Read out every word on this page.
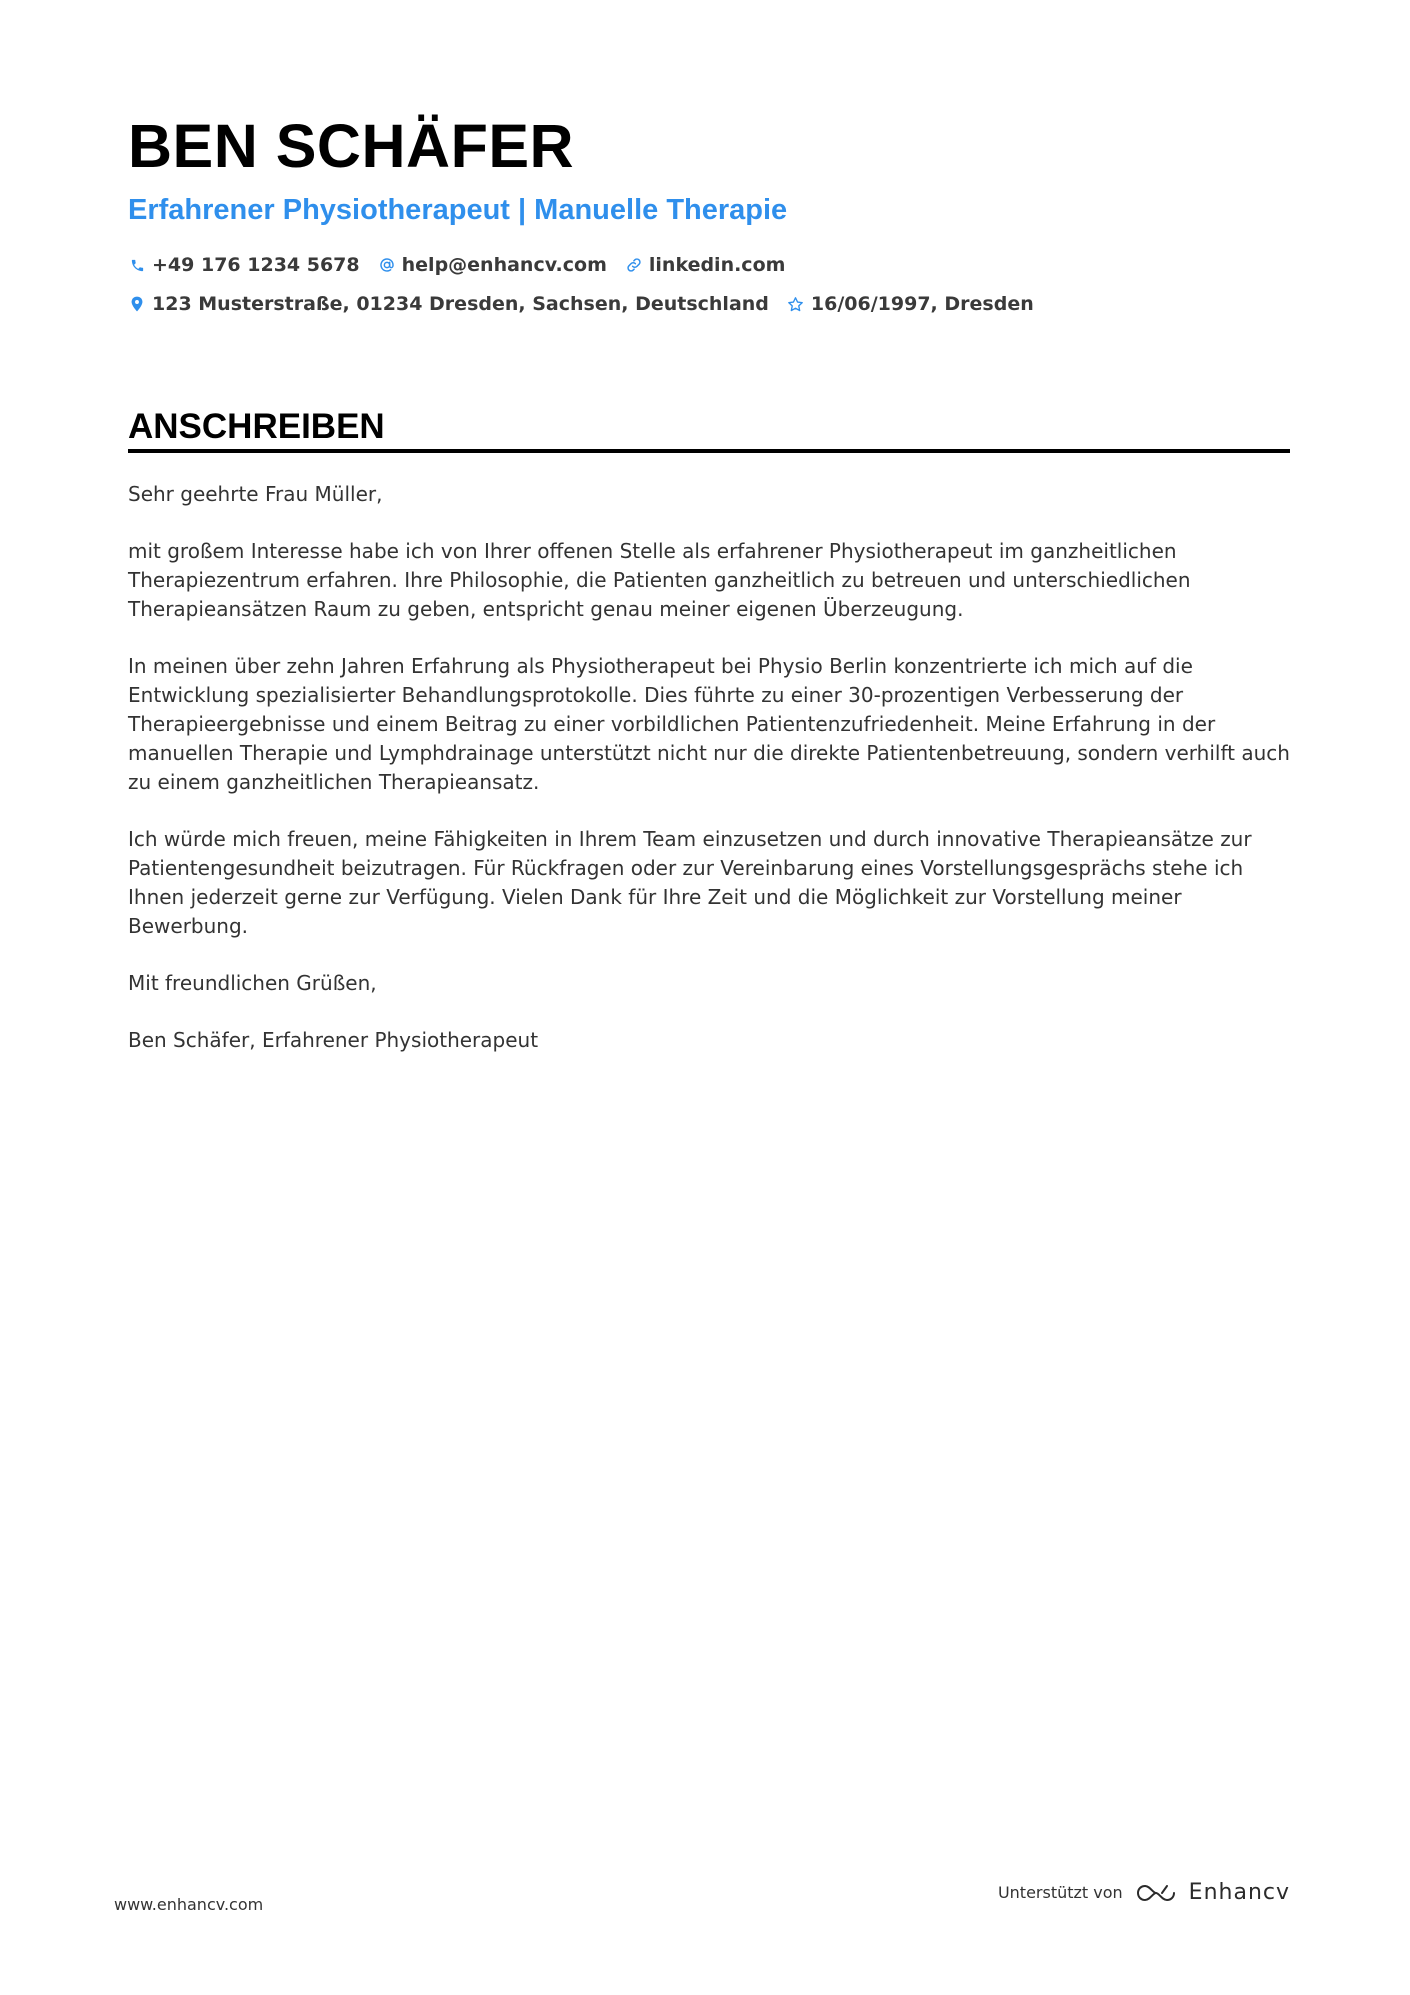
BEN SCHÄFER
Erfahrener Physiotherapeut | Manuelle Therapie
+49 176 1234 5678 help@enhancv.com linkedin.com
123 Musterstraße, 01234 Dresden, Sachsen, Deutschland 16/06/1997, Dresden
ANSCHREIBEN

Sehr geehrte Frau Müller,

mit großem Interesse habe ich von Ihrer offenen Stelle als erfahrener Physiotherapeut im ganzheitlichen Therapiezentrum erfahren. Ihre Philosophie, die Patienten ganzheitlich zu betreuen und unterschiedlichen Therapieansätzen Raum zu geben, entspricht genau meiner eigenen Überzeugung.

In meinen über zehn Jahren Erfahrung als Physiotherapeut bei Physio Berlin konzentrierte ich mich auf die Entwicklung spezialisierter Behandlungsprotokolle. Dies führte zu einer 30-prozentigen Verbesserung der Therapieergebnisse und einem Beitrag zu einer vorbildlichen Patientenzufriedenheit. Meine Erfahrung in der manuellen Therapie und Lymphdrainage unterstützt nicht nur die direkte Patientenbetreuung, sondern verhilft auch zu einem ganzheitlichen Therapieansatz.

Ich würde mich freuen, meine Fähigkeiten in Ihrem Team einzusetzen und durch innovative Therapieansätze zur Patientengesundheit beizutragen. Für Rückfragen oder zur Vereinbarung eines Vorstellungsgesprächs stehe ich Ihnen jederzeit gerne zur Verfügung. Vielen Dank für Ihre Zeit und die Möglichkeit zur Vorstellung meiner Bewerbung.

Mit freundlichen Grüßen,

Ben Schäfer, Erfahrener Physiotherapeut

www.enhancv.com
Unterstützt von	Enhancv
